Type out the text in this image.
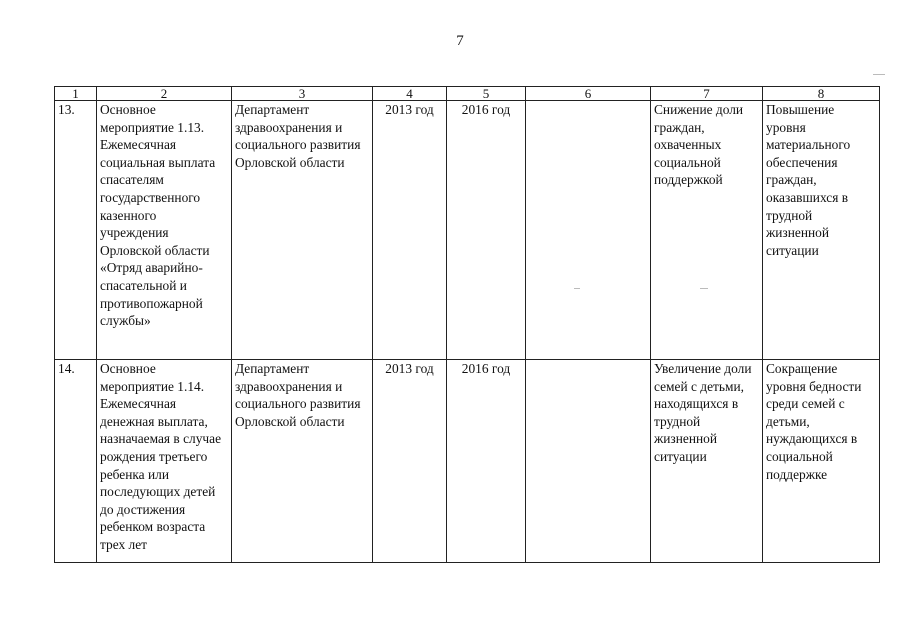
7
1	2	3	4	5	6	7	8
13.	Основное мероприятие 1.13. Ежемесячная социальная выплата спасателям государственного казенного учреждения Орловской области «Отряд аварийно-спасательной и противопожарной службы»	Департамент здравоохранения и социального развития Орловской области	2013 год	2016 год		Снижение доли граждан, охваченных социальной поддержкой	Повышение уровня материального обеспечения граждан, оказавшихся в трудной жизненной ситуации
14.	Основное мероприятие 1.14. Ежемесячная денежная выплата, назначаемая в случае рождения третьего ребенка или последующих детей до достижения ребенком возраста трех лет	Департамент здравоохранения и социального развития Орловской области	2013 год	2016 год		Увеличение доли семей с детьми, находящихся в трудной жизненной ситуации	Сокращение уровня бедности среди семей с детьми, нуждающихся в социальной поддержке
